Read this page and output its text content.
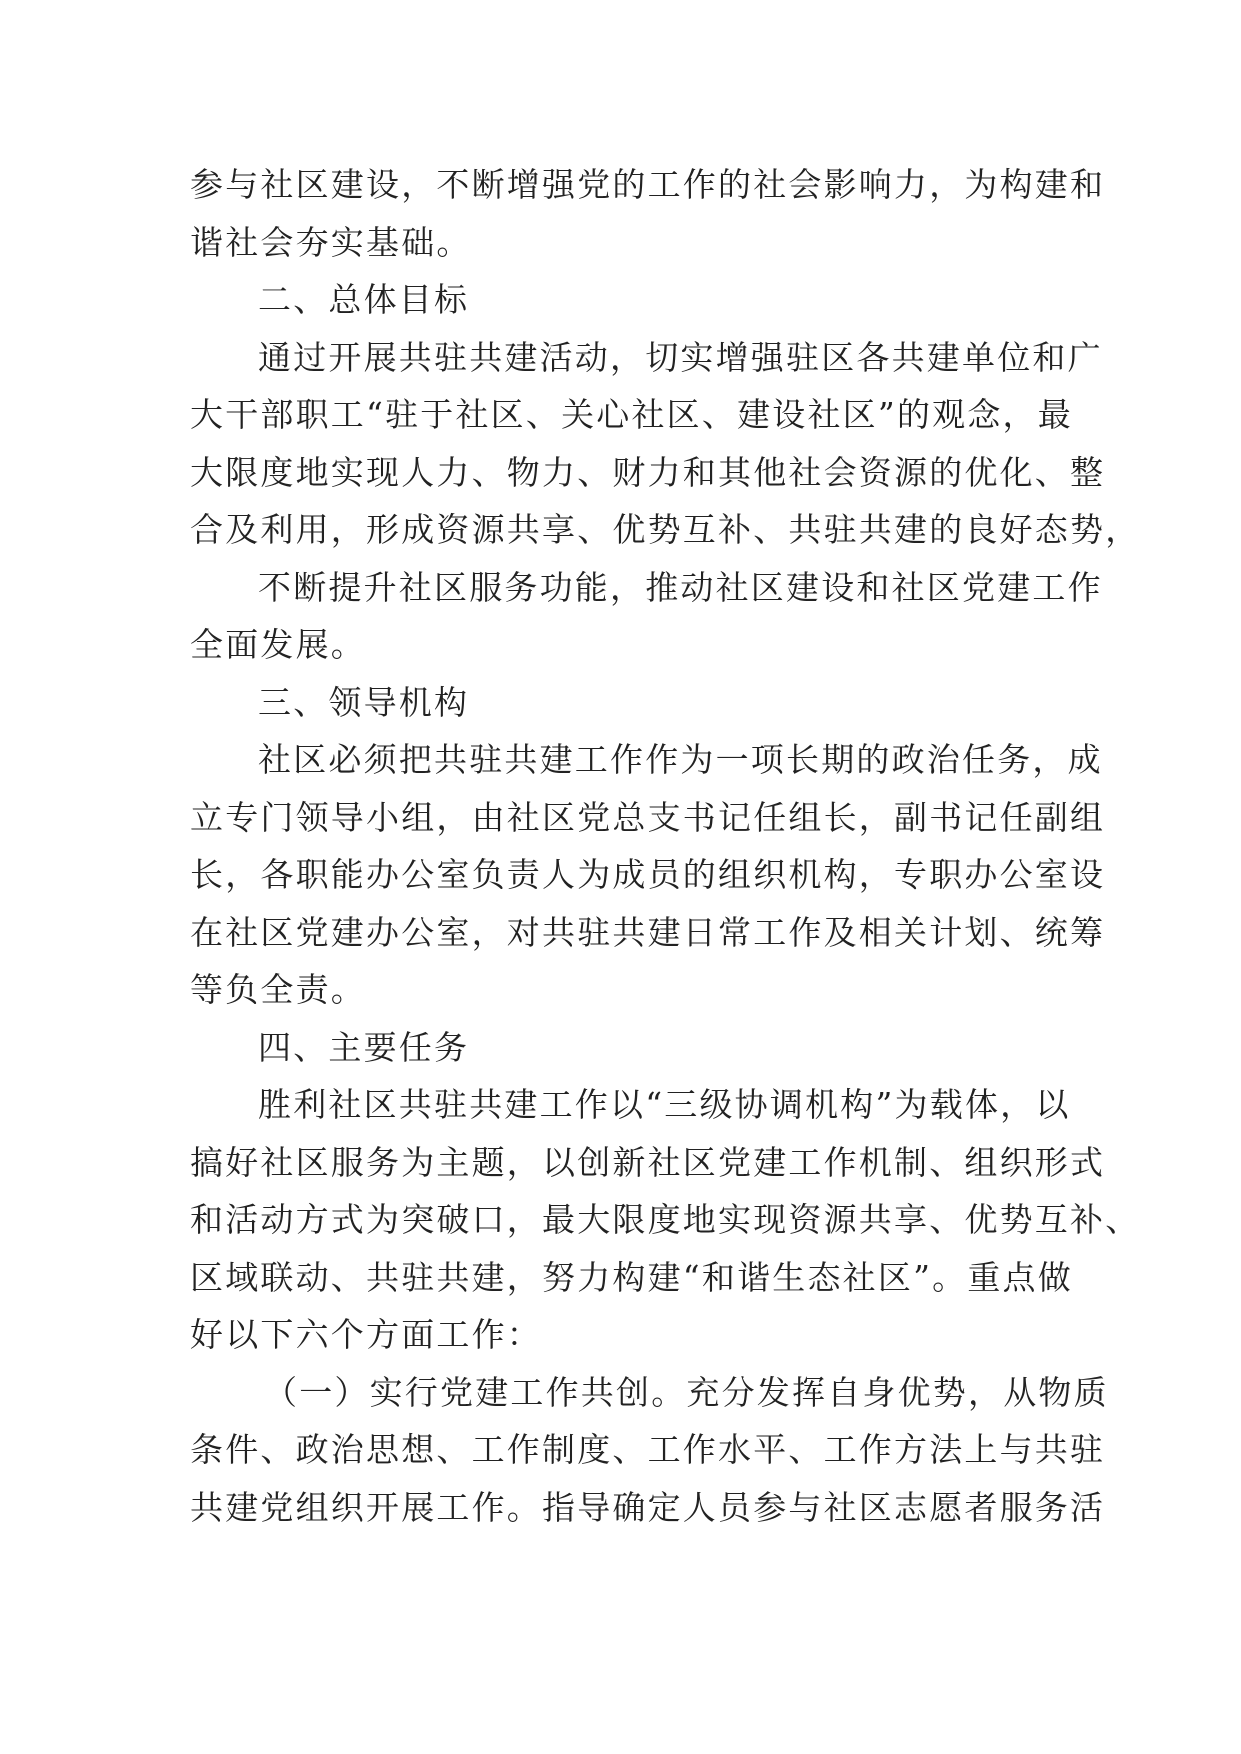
参与社区建设，不断增强党的工作的社会影响力，为构建和
谐社会夯实基础。
二、总体目标
通过开展共驻共建活动，切实增强驻区各共建单位和广
大干部职工“驻于社区、关心社区、建设社区”的观念，最
大限度地实现人力、物力、财力和其他社会资源的优化、整
合及利用，形成资源共享、优势互补、共驻共建的良好态势，
不断提升社区服务功能，推动社区建设和社区党建工作
全面发展。
三、领导机构
社区必须把共驻共建工作作为一项长期的政治任务，成
立专门领导小组，由社区党总支书记任组长，副书记任副组
长，各职能办公室负责人为成员的组织机构，专职办公室设
在社区党建办公室，对共驻共建日常工作及相关计划、统筹
等负全责。
四、主要任务
胜利社区共驻共建工作以“三级协调机构”为载体，以
搞好社区服务为主题，以创新社区党建工作机制、组织形式
和活动方式为突破口，最大限度地实现资源共享、优势互补、
区域联动、共驻共建，努力构建“和谐生态社区”。重点做
好以下六个方面工作：
（一）实行党建工作共创。充分发挥自身优势，从物质
条件、政治思想、工作制度、工作水平、工作方法上与共驻
共建党组织开展工作。指导确定人员参与社区志愿者服务活
